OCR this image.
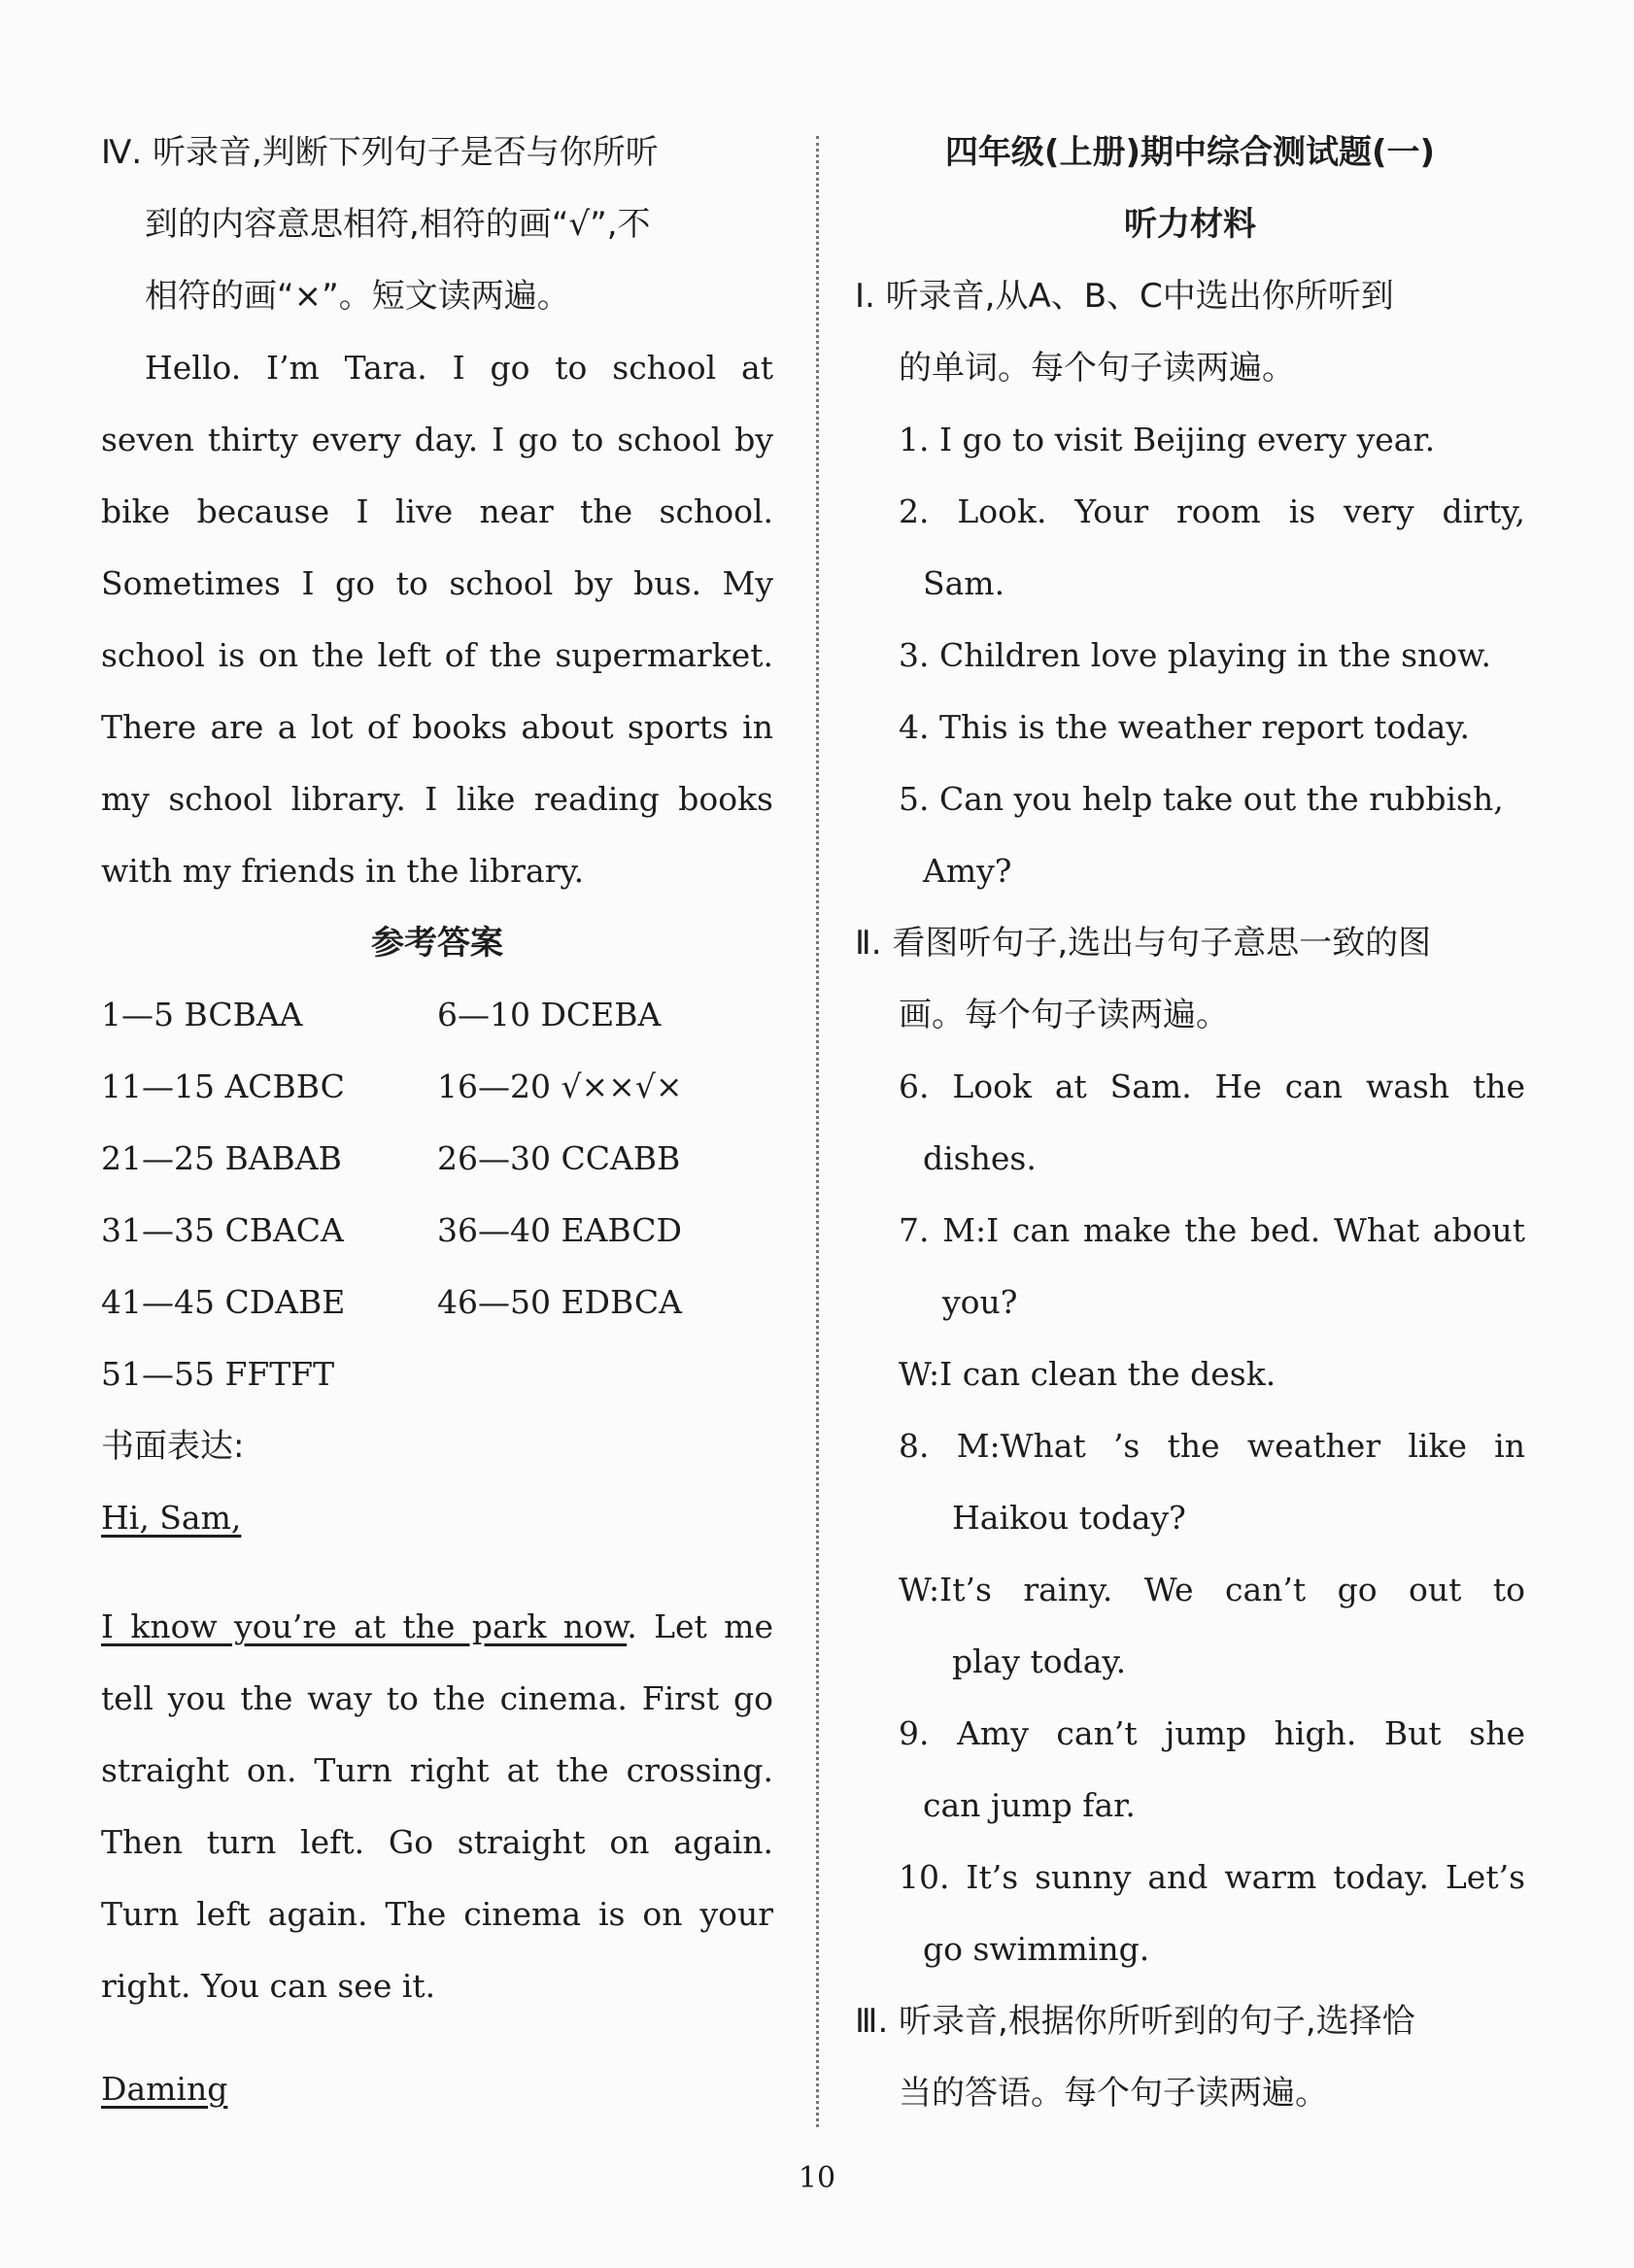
Ⅳ. 听录音,判断下列句子是否与你所听
到的内容意思相符,相符的画“√”,不
相符的画“×”。短文读两遍。
Hello. I’m Tara. I go to school at
seven thirty every day. I go to school by
bike because I live near the school.
Sometimes I go to school by bus. My
school is on the left of the supermarket.
There are a lot of books about sports in
my school library. I like reading books
with my friends in the library.
参考答案
1—5 BCBAA	6—10 DCEBA
11—15 ACBBC	16—20 √××√×
21—25 BABAB	26—30 CCABB
31—35 CBACA	36—40 EABCD
41—45 CDABE	46—50 EDBCA
51—55 FFTFT
书面表达:
Hi, Sam,
I know you’re at the park now. Let me
tell you the way to the cinema. First go
straight on. Turn right at the crossing.
Then turn left. Go straight on again.
Turn left again. The cinema is on your
right. You can see it.
Daming
四年级(上册)期中综合测试题(一)
听力材料
Ⅰ. 听录音,从A、B、C中选出你所听到
的单词。每个句子读两遍。
1. I go to visit Beijing every year.
2. Look. Your room is very dirty,
Sam.
3. Children love playing in the snow.
4. This is the weather report today.
5. Can you help take out the rubbish,
Amy?
Ⅱ. 看图听句子,选出与句子意思一致的图
画。每个句子读两遍。
6. Look at Sam. He can wash the
dishes.
7. M:I can make the bed. What about
you?
W:I can clean the desk.
8. M:What ’s the weather like in
Haikou today?
W:It’s rainy. We can’t go out to
play today.
9. Amy can’t jump high. But she
can jump far.
10. It’s sunny and warm today. Let’s
go swimming.
Ⅲ. 听录音,根据你所听到的句子,选择恰
当的答语。每个句子读两遍。
10
